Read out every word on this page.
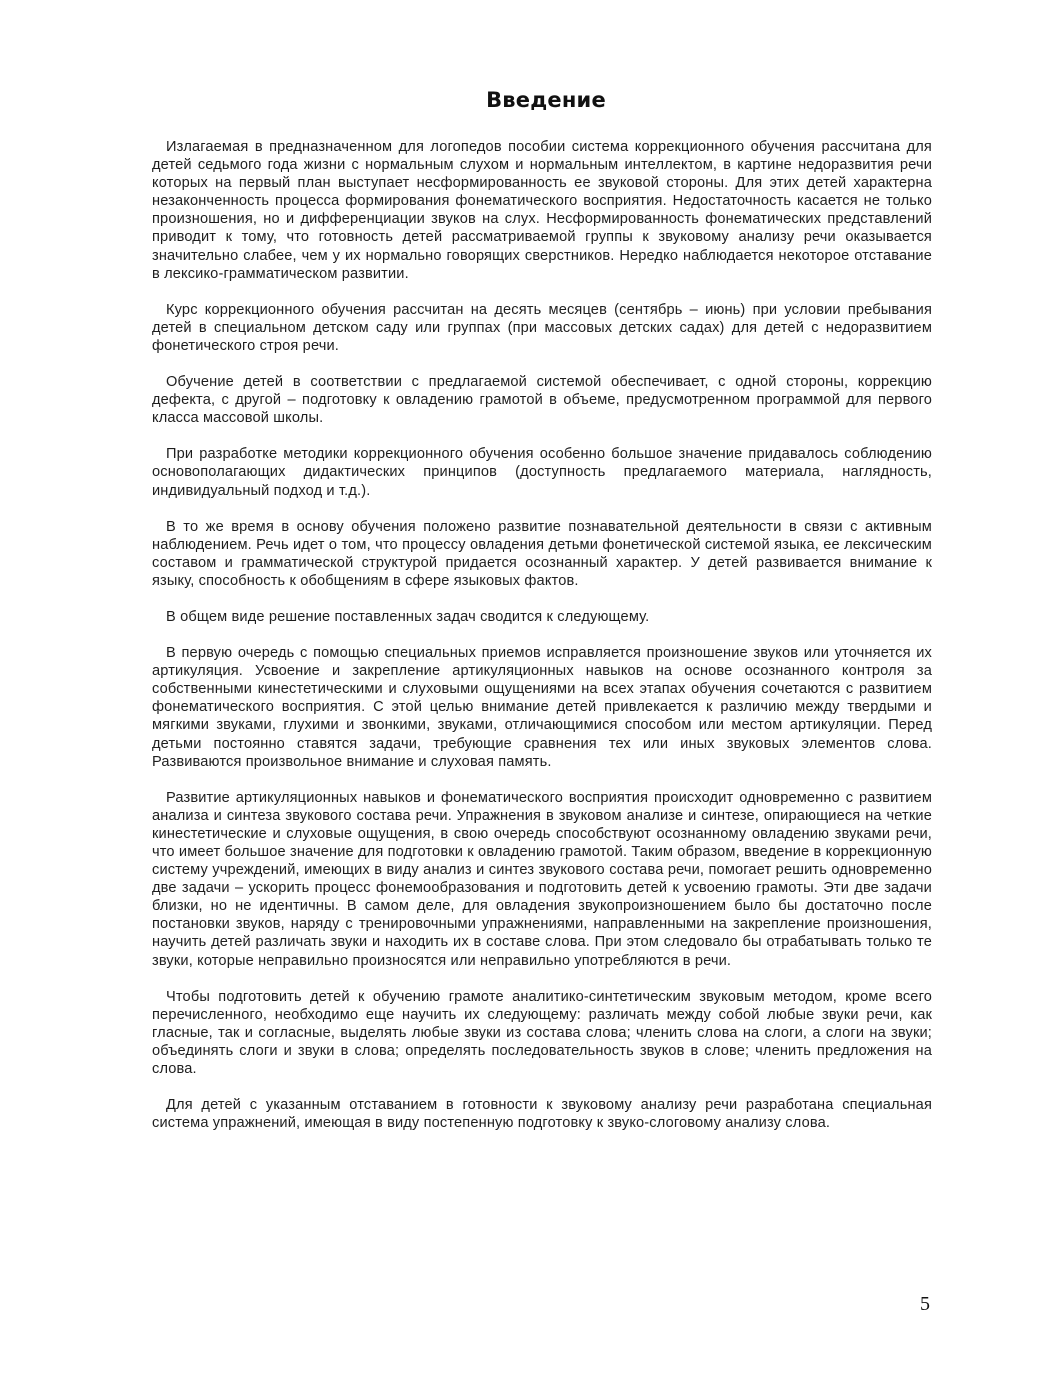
Введение

Излагаемая в предназначенном для логопедов пособии система коррекционного обучения рассчитана для детей седьмого года жизни с нормальным слухом и нормальным интеллектом, в картине недоразвития речи которых на первый план выступает несформированность ее звуковой стороны. Для этих детей характерна незаконченность процесса формирования фонематического восприятия. Недостаточность касается не только произношения, но и дифференциации звуков на слух. Несформированность фонематических представлений приводит к тому, что готовность детей рассматриваемой группы к звуковому анализу речи оказывается значительно слабее, чем у их нормально говорящих сверстников. Нередко наблюдается некоторое отставание в лексико-грамматическом развитии.

Курс коррекционного обучения рассчитан на десять месяцев (сентябрь – июнь) при условии пребывания детей в специальном детском саду или группах (при массовых детских садах) для детей с недоразвитием фонетического строя речи.

Обучение детей в соответствии с предлагаемой системой обеспечивает, с одной стороны, коррекцию дефекта, с другой – подготовку к овладению грамотой в объеме, предусмотренном программой для первого класса массовой школы.

При разработке методики коррекционного обучения особенно большое значение придавалось соблюдению основополагающих дидактических принципов (доступность предлагаемого материала, наглядность, индивидуальный подход и т.д.).

В то же время в основу обучения положено развитие познавательной деятельности в связи с активным наблюдением. Речь идет о том, что процессу овладения детьми фонетической системой языка, ее лексическим составом и грамматической структурой придается осознанный характер. У детей развивается внимание к языку, способность к обобщениям в сфере языковых фактов.

В общем виде решение поставленных задач сводится к следующему.

В первую очередь с помощью специальных приемов исправляется произношение звуков или уточняется их артикуляция. Усвоение и закрепление артикуляционных навыков на основе осознанного контроля за собственными кинестетическими и слуховыми ощущениями на всех этапах обучения сочетаются с развитием фонематического восприятия. С этой целью внимание детей привлекается к различию между твердыми и мягкими звуками, глухими и звонкими, звуками, отличающимися способом или местом артикуляции. Перед детьми постоянно ставятся задачи, требующие сравнения тех или иных звуковых элементов слова. Развиваются произвольное внимание и слуховая память.

Развитие артикуляционных навыков и фонематического восприятия происходит одновременно с развитием анализа и синтеза звукового состава речи. Упражнения в звуковом анализе и синтезе, опирающиеся на четкие кинестетические и слуховые ощущения, в свою очередь способствуют осознанному овладению звуками речи, что имеет большое значение для подготовки к овладению грамотой. Таким образом, введение в коррекционную систему учреждений, имеющих в виду анализ и синтез звукового состава речи, помогает решить одновременно две задачи – ускорить процесс фонемообразования и подготовить детей к усвоению грамоты. Эти две задачи близки, но не идентичны. В самом деле, для овладения звукопроизношением было бы достаточно после постановки звуков, наряду с тренировочными упражнениями, направленными на закрепление произношения, научить детей различать звуки и находить их в составе слова. При этом следовало бы отрабатывать только те звуки, которые неправильно произносятся или неправильно употребляются в речи.

Чтобы подготовить детей к обучению грамоте аналитико-синтетическим звуковым методом, кроме всего перечисленного, необходимо еще научить их следующему: различать между собой любые звуки речи, как гласные, так и согласные, выделять любые звуки из состава слова; членить слова на слоги, а слоги на звуки; объединять слоги и звуки в слова; определять последовательность звуков в слове; членить предложения на слова.

Для детей с указанным отставанием в готовности к звуковому анализу речи разработана специальная система упражнений, имеющая в виду постепенную подготовку к звуко-слоговому анализу слова.

5
